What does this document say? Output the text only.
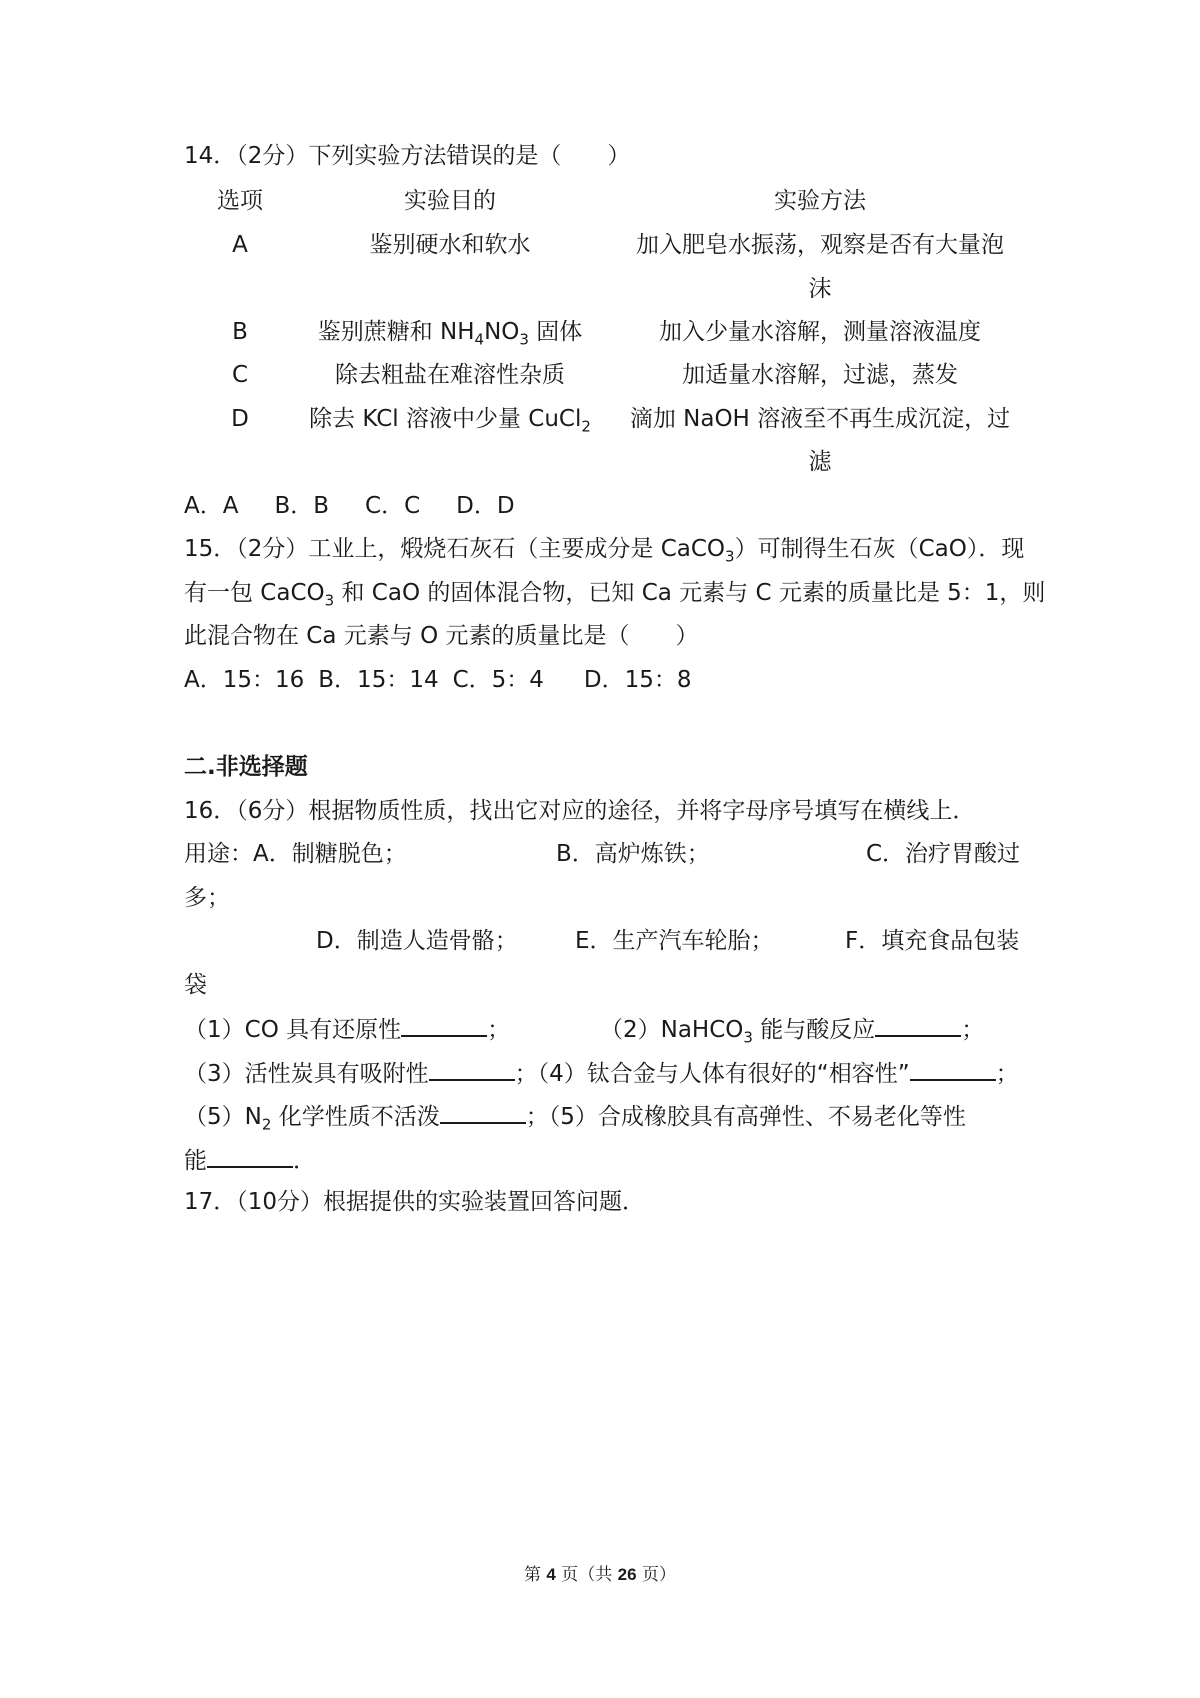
14．（2分）下列实验方法错误的是（　　）
选项	实验目的	实验方法
A	鉴别硬水和软水	加入肥皂水振荡，观察是否有大量泡
沫
B	鉴别蔗糖和 $NH_4NO_3$ 固体	加入少量水溶解，测量溶液温度
C	除去粗盐在难溶性杂质	加适量水溶解，过滤，蒸发
D	除去 KCl 溶液中少量 CuCl$_2$	滴加 NaOH 溶液至不再生成沉淀，过
滤
A．A B．B C．C D．D
15．（2分）工业上，煅烧石灰石（主要成分是 CaCO$_3$）可制得生石灰（CaO）．现
有一包 CaCO$_3$ 和 CaO 的固体混合物，已知 Ca 元素与 C 元素的质量比是 5：1，则
此混合物在 Ca 元素与 O 元素的质量比是（　　）
A．15：16 B．15：14 C．5：4 D．15：8
二.非选择题
16．（6分）根据物质性质，找出它对应的途径，并将字母序号填写在横线上．
用途：A．制糖脱色；	B．高炉炼铁；	C．治疗胃酸过
多；
D．制造人造骨骼； E．生产汽车轮胎；	F．填充食品包装
袋
（1）CO 具有还原性	；	（2）NaHCO$_3$ 能与酸反应	；
（3）活性炭具有吸附性	；（4）钛合金与人体有很好的“相容性”	；
$(5)N_2$ 化学性质不活泼	；（5）合成橡胶具有高弹性、不易老化等性
能	．
17．（10分）根据提供的实验装置回答问题．
第 4 页（共 26 页）
